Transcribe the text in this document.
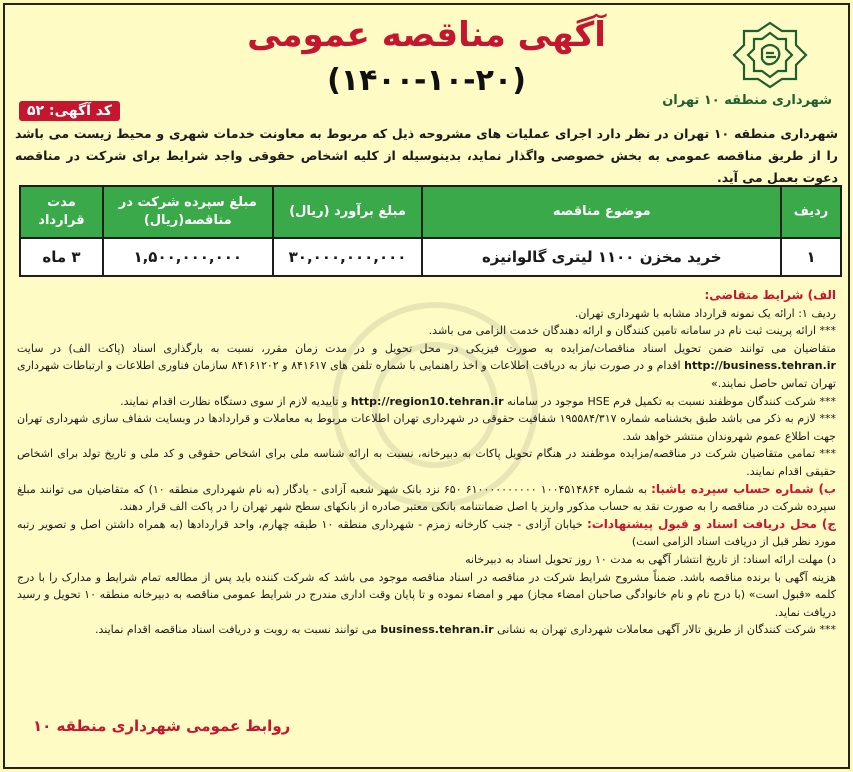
شهرداری منطقه ۱۰ تهران
آگهی مناقصه عمومی
(۱۴۰۰-۱۰-۲۰)
کد آگهی: ۵۲
شهرداری منطقه ۱۰ تهران در نظر دارد اجرای عملیات های مشروحه ذیل که مربوط به معاونت خدمات شهری و محیط زیست می باشد را از طریق مناقصه عمومی به بخش خصوصی واگذار نماید، بدینوسیله از کلیه اشخاص حقوقی واجد شرایط برای شرکت در مناقصه دعوت بعمل می آید.
ردیف	موضوع مناقصه	مبلغ برآورد (ریال)	مبلغ سپرده شرکت در مناقصه(ریال)	مدت قرارداد
۱	خرید مخزن ۱۱۰۰ لیتری گالوانیزه	۳۰,۰۰۰,۰۰۰,۰۰۰	۱,۵۰۰,۰۰۰,۰۰۰	۳ ماه

الف) شرایط متقاضی:

ردیف ۱: ارائه یک نمونه قرارداد مشابه با شهرداری تهران.

*** ارائه پرینت ثبت نام در سامانه تامین کنندگان و ارائه دهندگان خدمت الزامی می باشد.

متقاضیان می توانند ضمن تحویل اسناد مناقصات/مزایده به صورت فیزیکی در محل تحویل و در مدت زمان مقرر، نسبت به بارگذاری اسناد (پاکت الف) در سایت http://business.tehran.ir اقدام و در صورت نیاز به دریافت اطلاعات و اخذ راهنمایی با شماره تلفن های ۸۴۱۶۱۷ و ۸۴۱۶۱۲۰۲ سازمان فناوری اطلاعات و ارتباطات شهرداری تهران تماس حاصل نمایند.»

*** شرکت کنندگان موظفند نسبت به تکمیل فرم HSE موجود در سامانه http://region10.tehran.ir و تاییدیه لازم از سوی دستگاه نظارت اقدام نمایند.

*** لازم به ذکر می باشد طبق بخشنامه شماره ۱۹۵۵۸۴/۳۱۷ شفافیت حقوقی در شهرداری تهران اطلاعات مربوط به معاملات و قراردادها در وبسایت شفاف سازی شهرداری تهران جهت اطلاع عموم شهروندان منتشر خواهد شد.

*** تمامی متقاضیان شرکت در مناقصه/مزایده موظفند در هنگام تحویل پاکات به دبیرخانه، نسبت به ارائه شناسه ملی برای اشخاص حقوقی و کد ملی و تاریخ تولد برای اشخاص حقیقی اقدام نمایند.

ب) شماره حساب سپرده باشبا: به شماره ۱۰۰۴۵۱۴۸۶۴ ۶۱۰۰۰۰۰۰۰۰۰۰ ۶۵۰ نزد بانک شهر شعبه آزادی - یادگار (به نام شهرداری منطقه ۱۰) که متقاضیان می توانند مبلغ سپرده شرکت در مناقصه را به صورت نقد به حساب مذکور واریز یا اصل ضمانتنامه بانکی معتبر صادره از بانکهای سطح شهر تهران را در پاکت الف قرار دهند.

ج) محل دریافت اسناد و قبول پیشنهادات: خیابان آزادی - جنب کارخانه زمزم - شهرداری منطقه ۱۰ طبقه چهارم، واحد قراردادها (به همراه داشتن اصل و تصویر رتبه مورد نظر قبل از دریافت اسناد الزامی است)

د) مهلت ارائه اسناد: از تاریخ انتشار آگهی به مدت ۱۰ روز تحویل اسناد به دبیرخانه

هزینه آگهی با برنده مناقصه باشد. ضمناً مشروح شرایط شرکت در مناقصه در اسناد مناقصه موجود می باشد که شرکت کننده باید پس از مطالعه تمام شرایط و مدارک را با درج کلمه «قبول است» (با درج نام و نام خانوادگی صاحبان امضاء مجاز) مهر و امضاء نموده و تا پایان وقت اداری مندرج در شرایط عمومی مناقصه به دبیرخانه منطقه ۱۰ تحویل و رسید دریافت نماید.

*** شرکت کنندگان از طریق تالار آگهی معاملات شهرداری تهران به نشانی business.tehran.ir می توانند نسبت به رویت و دریافت اسناد مناقصه اقدام نمایند.

روابط عمومی شهرداری منطقه ۱۰
